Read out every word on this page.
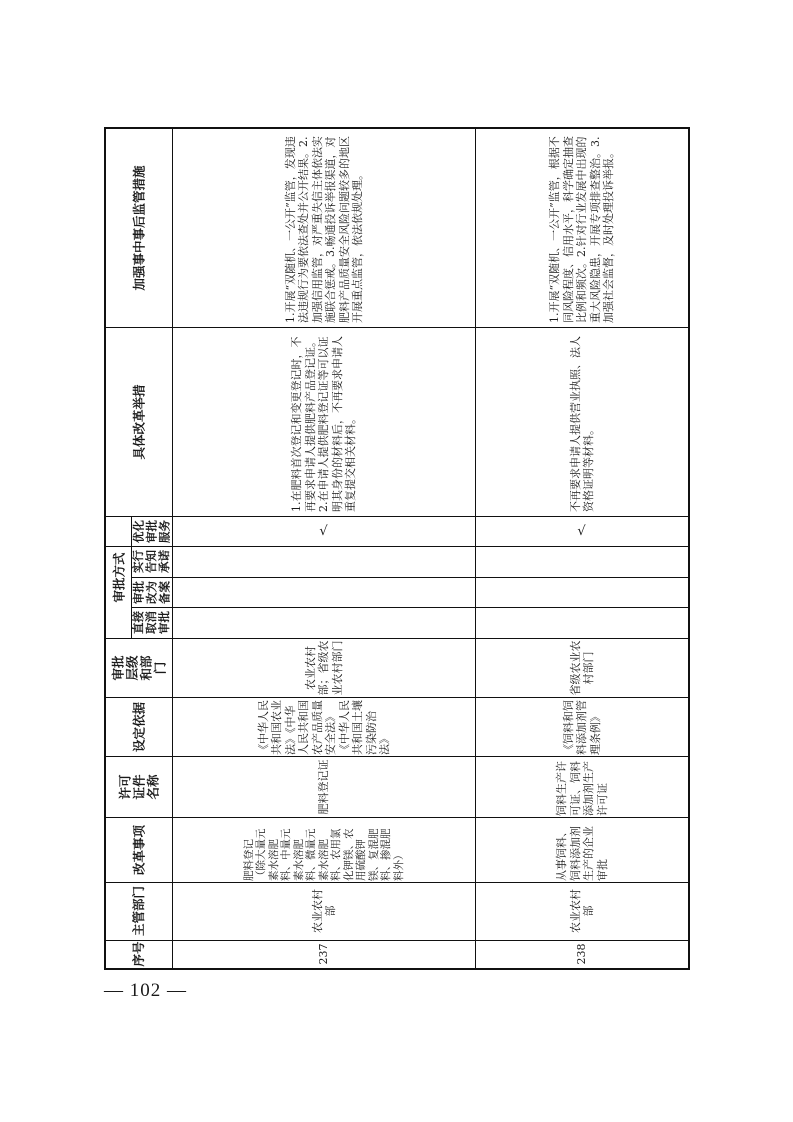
加强事中事后监管措施
具体改革举措
审批方式
优化审批服务
实行告知承诺
审批改为备案
直接取消审批
审批层级和部门
设定依据
许可证件名称
改革事项
主管部门
序号
1.开展“双随机、一公开”监管，发现违法违规行为要依法查处并公开结果。2.加强信用监管，对严重失信主体依法实施联合惩戒。3.畅通投诉举报渠道，对肥料产品质量安全风险问题较多的地区开展重点监管，依法依规处理。
1.在肥料首次登记和变更登记时，不再要求申请人提供肥料产品登记证。2.在申请人提供肥料登记证等可以证明其身份的材料后，不再要求申请人重复提交相关材料。
√
农业农村部；省级农业农村部门
《中华人民共和国农业法》《中华人民共和国农产品质量安全法》《中华人民共和国土壤污染防治法》
肥料登记证
肥料登记（除大量元素水溶肥料、中量元素水溶肥料、微量元素水溶肥料、农用氯化钾镁、农用硫酸钾镁、复混肥料、掺混肥料外）
农业农村部
237
1.开展“双随机、一公开”监管，根据不同风险程度、信用水平，科学确定抽查比例和频次。2.针对行业发展中出现的重大风险隐患，开展专项排查整治。3.加强社会监督，及时处理投诉举报。
不再要求申请人提供营业执照、法人资格证明等材料。
√
省级农业农村部门
《饲料和饲料添加剂管理条例》
饲料生产许可证、饲料添加剂生产许可证
从事饲料、饲料添加剂生产的企业审批
农业农村部
238
— 102 —
